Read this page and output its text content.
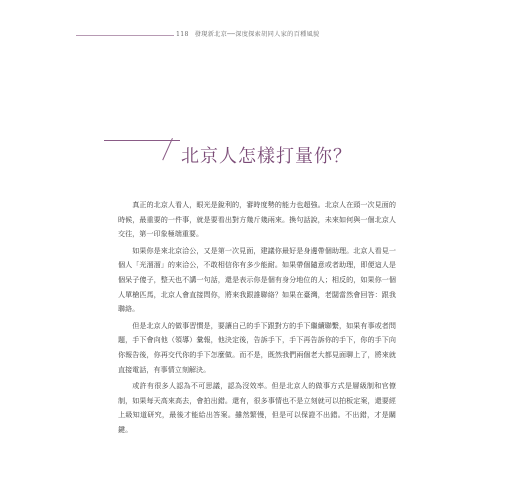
118 發現新北京──深度探索胡同人家的百種風貌
北京人怎樣打量你？

真正的北京人看人，眼光是銳利的，審時度勢的能力也超強。北京人在頭一次見面的時候，最重要的一件事，就是要看出對方幾斤幾兩來。換句話說，未來如何與一個北京人交往，第一印象極端重要。

如果你是來北京洽公，又是第一次見面，建議你最好是身邊帶個助理。北京人看見一個人「光溜溜」的來洽公，不敢相信你有多少能耐。如果帶個隨意或者助理，即便這人是個呆子傻子，整天也不講一句話，還是表示你是個有身分地位的人；相反的，如果你一個人單槍匹馬，北京人會直接問你，將來我跟誰聯絡？如果在臺灣，老闆當然會回答：跟我聯絡。

但是北京人的做事習慣是，要讓自己的手下跟對方的手下繼續聯繫，如果有事或者問題，手下會向他（領導）彙報，他決定後，告訴手下，手下再告訴你的手下，你的手下向你報告後，你再交代你的手下怎麼做。而不是，既然我們兩個老大都見面聊上了，將來就直接電話，有事情立刻解決。

或許有很多人認為不可思議，認為沒效率。但是北京人的做事方式是層級制和官僚制，如果每天高來高去，會拍出錯。還有，很多事情也不是立刻就可以拍板定案，還要經上級知道研究，最後才能給出答案。雖然繁慢，但是可以保證不出錯。不出錯，才是關鍵。
